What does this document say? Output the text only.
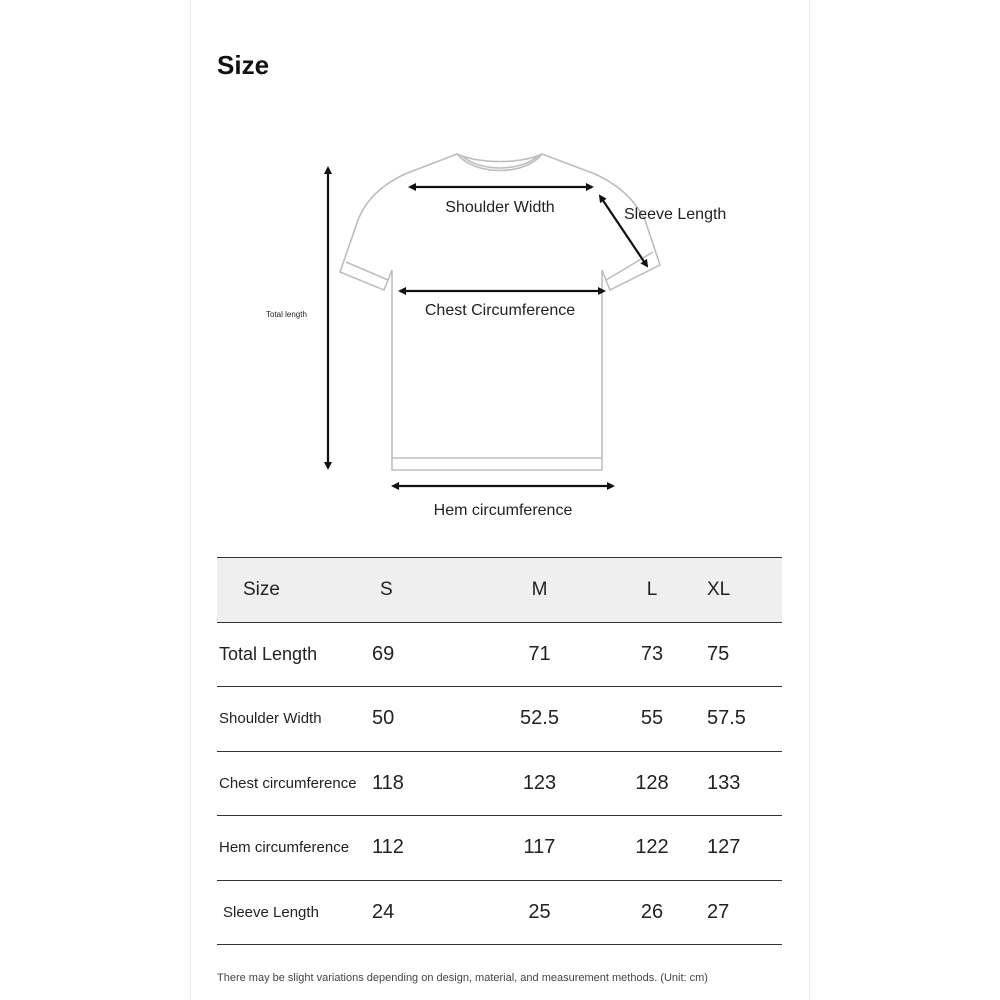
Size
Shoulder Width	Sleeve Length
Total length	Chest Circumference
Hem circumference
Size	S	M	L	XL
Total Length	69	71	73	75
Shoulder Width	50	52.5	55	57.5
Chest circumference	118	123	128	133
Hem circumference	112	117	122	127
Sleeve Length	24	25	26	27
There may be slight variations depending on design, material, and measurement methods. (Unit: cm)
